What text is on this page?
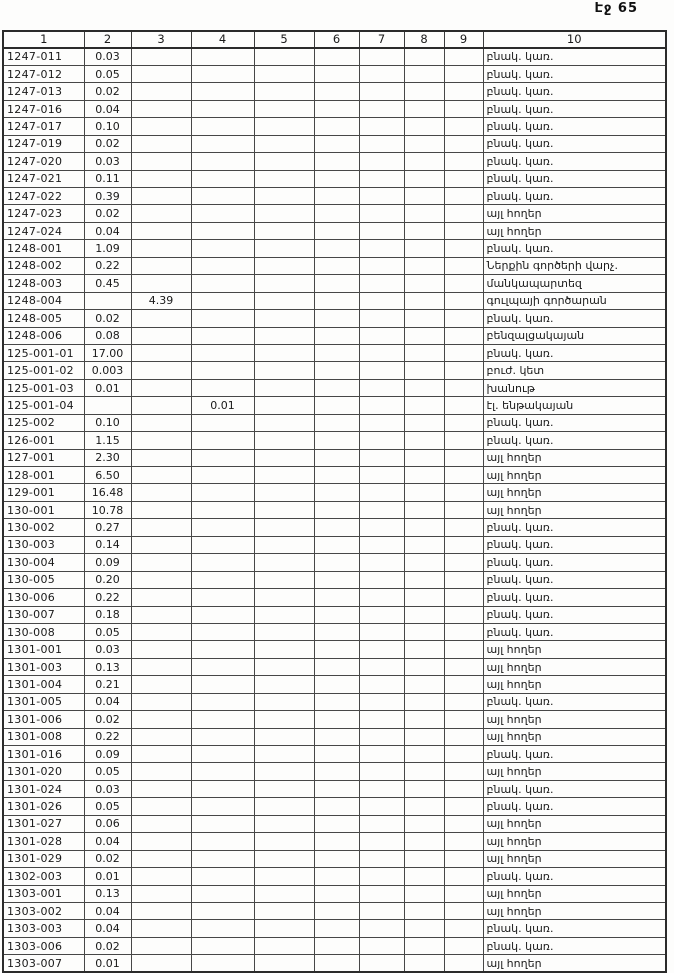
Էջ 65
1	2	3	4	5	6	7	8	9	10
1247-011	0.03								բնակ. կառ.
1247-012	0.05								բնակ. կառ.
1247-013	0.02								բնակ. կառ.
1247-016	0.04								բնակ. կառ.
1247-017	0.10								բնակ. կառ.
1247-019	0.02								բնակ. կառ.
1247-020	0.03								բնակ. կառ.
1247-021	0.11								բնակ. կառ.
1247-022	0.39								բնակ. կառ.
1247-023	0.02								այլ հողեր
1247-024	0.04								այլ հողեր
1248-001	1.09								բնակ. կառ.
1248-002	0.22								Ներքին գործերի վարչ.
1248-003	0.45								մանկապարտեզ
1248-004		4.39							գուլպայի գործարան
1248-005	0.02								բնակ. կառ.
1248-006	0.08								բենզալցակայան
125-001-01	17.00								բնակ. կառ.
125-001-02	0.003								բուժ. կետ
125-001-03	0.01								խանութ
125-001-04			0.01						էլ. ենթակայան
125-002	0.10								բնակ. կառ.
126-001	1.15								բնակ. կառ.
127-001	2.30								այլ հողեր
128-001	6.50								այլ հողեր
129-001	16.48								այլ հողեր
130-001	10.78								այլ հողեր
130-002	0.27								բնակ. կառ.
130-003	0.14								բնակ. կառ.
130-004	0.09								բնակ. կառ.
130-005	0.20								բնակ. կառ.
130-006	0.22								բնակ. կառ.
130-007	0.18								բնակ. կառ.
130-008	0.05								բնակ. կառ.
1301-001	0.03								այլ հողեր
1301-003	0.13								այլ հողեր
1301-004	0.21								այլ հողեր
1301-005	0.04								բնակ. կառ.
1301-006	0.02								այլ հողեր
1301-008	0.22								այլ հողեր
1301-016	0.09								բնակ. կառ.
1301-020	0.05								այլ հողեր
1301-024	0.03								բնակ. կառ.
1301-026	0.05								բնակ. կառ.
1301-027	0.06								այլ հողեր
1301-028	0.04								այլ հողեր
1301-029	0.02								այլ հողեր
1302-003	0.01								բնակ. կառ.
1303-001	0.13								այլ հողեր
1303-002	0.04								այլ հողեր
1303-003	0.04								բնակ. կառ.
1303-006	0.02								բնակ. կառ.
1303-007	0.01								այլ հողեր
